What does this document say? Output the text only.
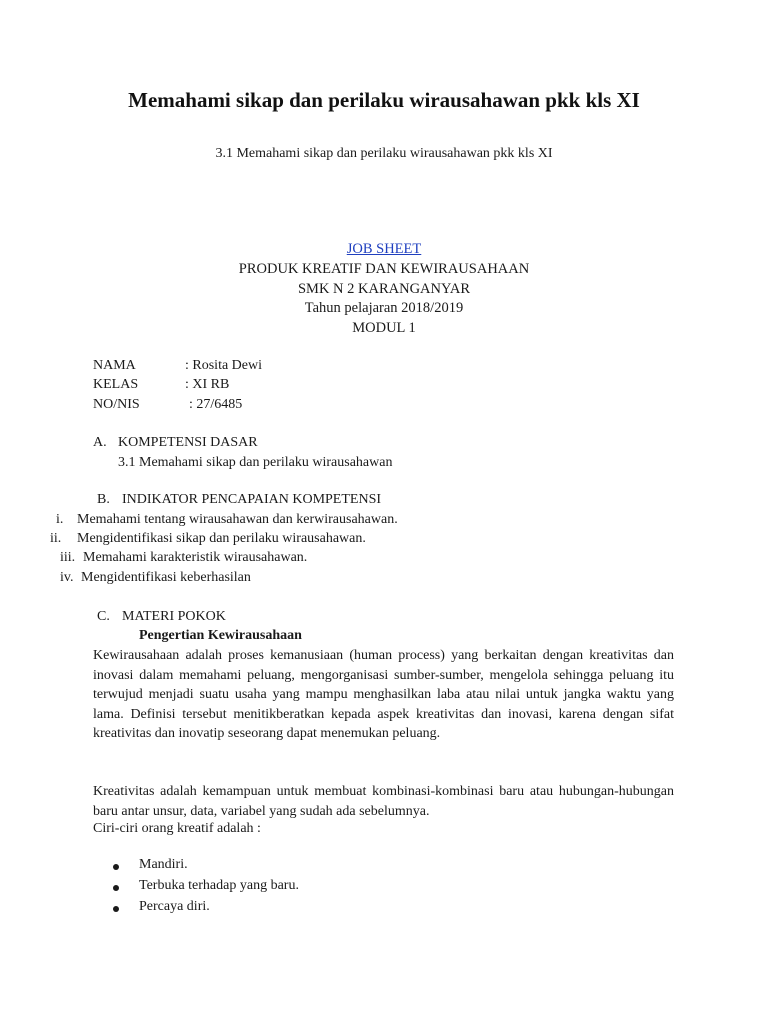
Memahami sikap dan perilaku wirausahawan pkk kls XI
3.1 Memahami sikap dan perilaku wirausahawan pkk kls XI
JOB SHEET
PRODUK KREATIF DAN KEWIRAUSAHAAN
SMK N 2 KARANGANYAR
Tahun pelajaran 2018/2019
MODUL 1
NAMA	: Rosita Dewi
KELAS	: XI RB
NO/NIS	: 27/6485
A. KOMPETENSI DASAR
3.1 Memahami sikap dan perilaku wirausahawan
B. INDIKATOR PENCAPAIAN KOMPETENSI
i. Memahami tentang wirausahawan dan kerwirausahawan.
ii. Mengidentifikasi sikap dan perilaku wirausahawan.
iii. Memahami karakteristik wirausahawan.
iv. Mengidentifikasi keberhasilan
C. MATERI POKOK
Pengertian Kewirausahaan
Kewirausahaan adalah proses kemanusiaan (human process) yang berkaitan dengan kreativitas dan inovasi dalam memahami peluang, mengorganisasi sumber-sumber, mengelola sehingga peluang itu terwujud menjadi suatu usaha yang mampu menghasilkan laba atau nilai untuk jangka waktu yang lama. Definisi tersebut menitikberatkan kepada aspek kreativitas dan inovasi, karena dengan sifat kreativitas dan inovatip seseorang dapat menemukan peluang.
Kreativitas adalah kemampuan untuk membuat kombinasi-kombinasi baru atau hubungan-hubungan baru antar unsur, data, variabel yang sudah ada sebelumnya.
Ciri-ciri orang kreatif adalah :
Mandiri.
Terbuka terhadap yang baru.
Percaya diri.
